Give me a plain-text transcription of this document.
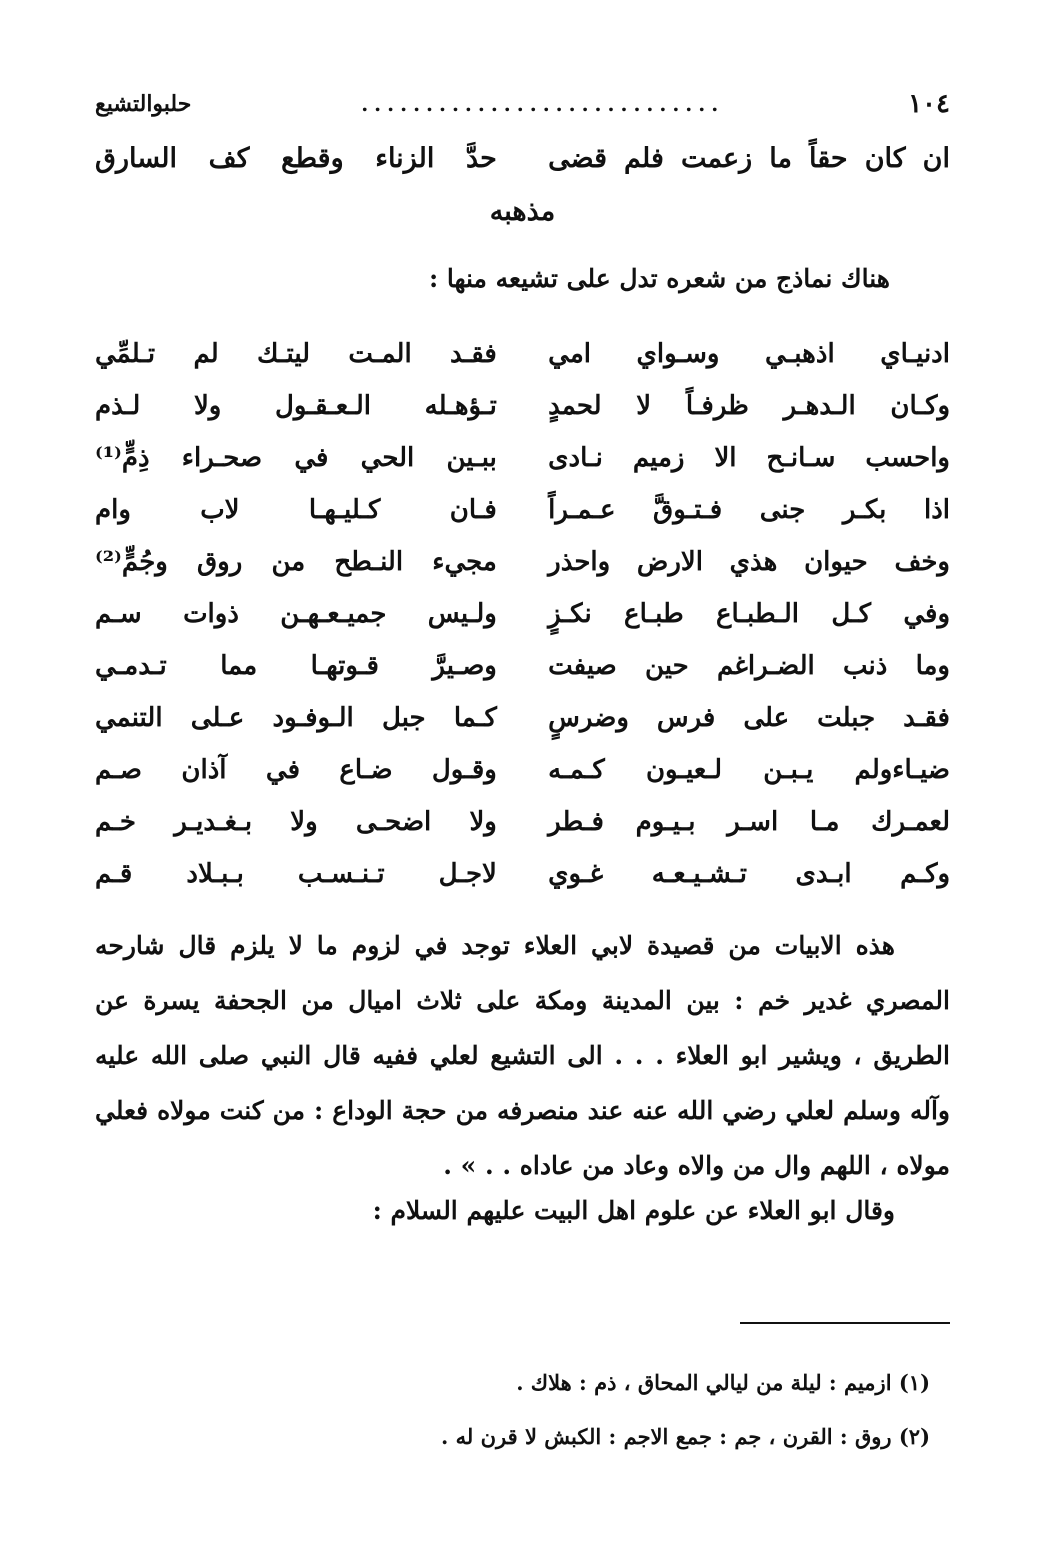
١٠٤
............................
حلبوالتشيع
ان كان حقاً ما زعمت فلم قضى
حدَّ الزناء وقطع كف السارق
مذهبه
هناك نماذج من شعره تدل على تشيعه منها :
ادنيـاي اذهبـي وسـواي امي
فقـد المـت ليتـك لم تـلمِّي
وكـان الـدهـر ظرفـاً لا لحمدٍ
تـؤهـله الـعـقـول ولا لـذم
واحسب سـانـح الا زميم نـادى
ببـين الحي في صحـراء ذِمٍّ⁽¹⁾
اذا بكـر جنى فـتـوقَّ عـمـراً
فـان كـليـهـا لاب وام
وخف حيوان هذي الارض واحذر
مجيء النـطح من روق وجُمٍّ⁽²⁾
وفي كـل الـطبـاع طبـاع نكـزٍ
ولـيس جميـعـهـن ذوات سـم
وما ذنب الضـراغم حين صيفت
وصـيرَّ قـوتهـا مما تـدمـي
فقـد جبلت على فرس وضرسٍ
كـما جبل الـوفـود عـلى التنمي
ضيـاءولم يـبـن لـعيـون كـمـه
وقـول ضـاع في آذان صـم
لعمـرك مـا اسـر بـيـوم فـطر
ولا اضحـى ولا بـغـديـر خـم
وكـم ابـدى تـشـيـعـه غـوي
لاجـل تـنـسـب بـبـلاد قـم

هذه الابيات من قصيدة لابي العلاء توجد في لزوم ما لا يلزم قال شارحه المصري غدير خم : بين المدينة ومكة على ثلاث اميال من الجحفة يسرة عن الطريق ، ويشير ابو العلاء . . . الى التشيع لعلي ففيه قال النبي صلى الله عليه وآله وسلم لعلي رضي الله عنه عند منصرفه من حجة الوداع : من كنت مولاه فعلي مولاه ، اللهم وال من والاه وعاد من عاداه . . » .

وقال ابو العلاء عن علوم اهل البيت عليهم السلام :
(١) ازميم : ليلة من ليالي المحاق ، ذم : هلاك .
(٢) روق : القرن ، جم : جمع الاجم : الكبش لا قرن له .
